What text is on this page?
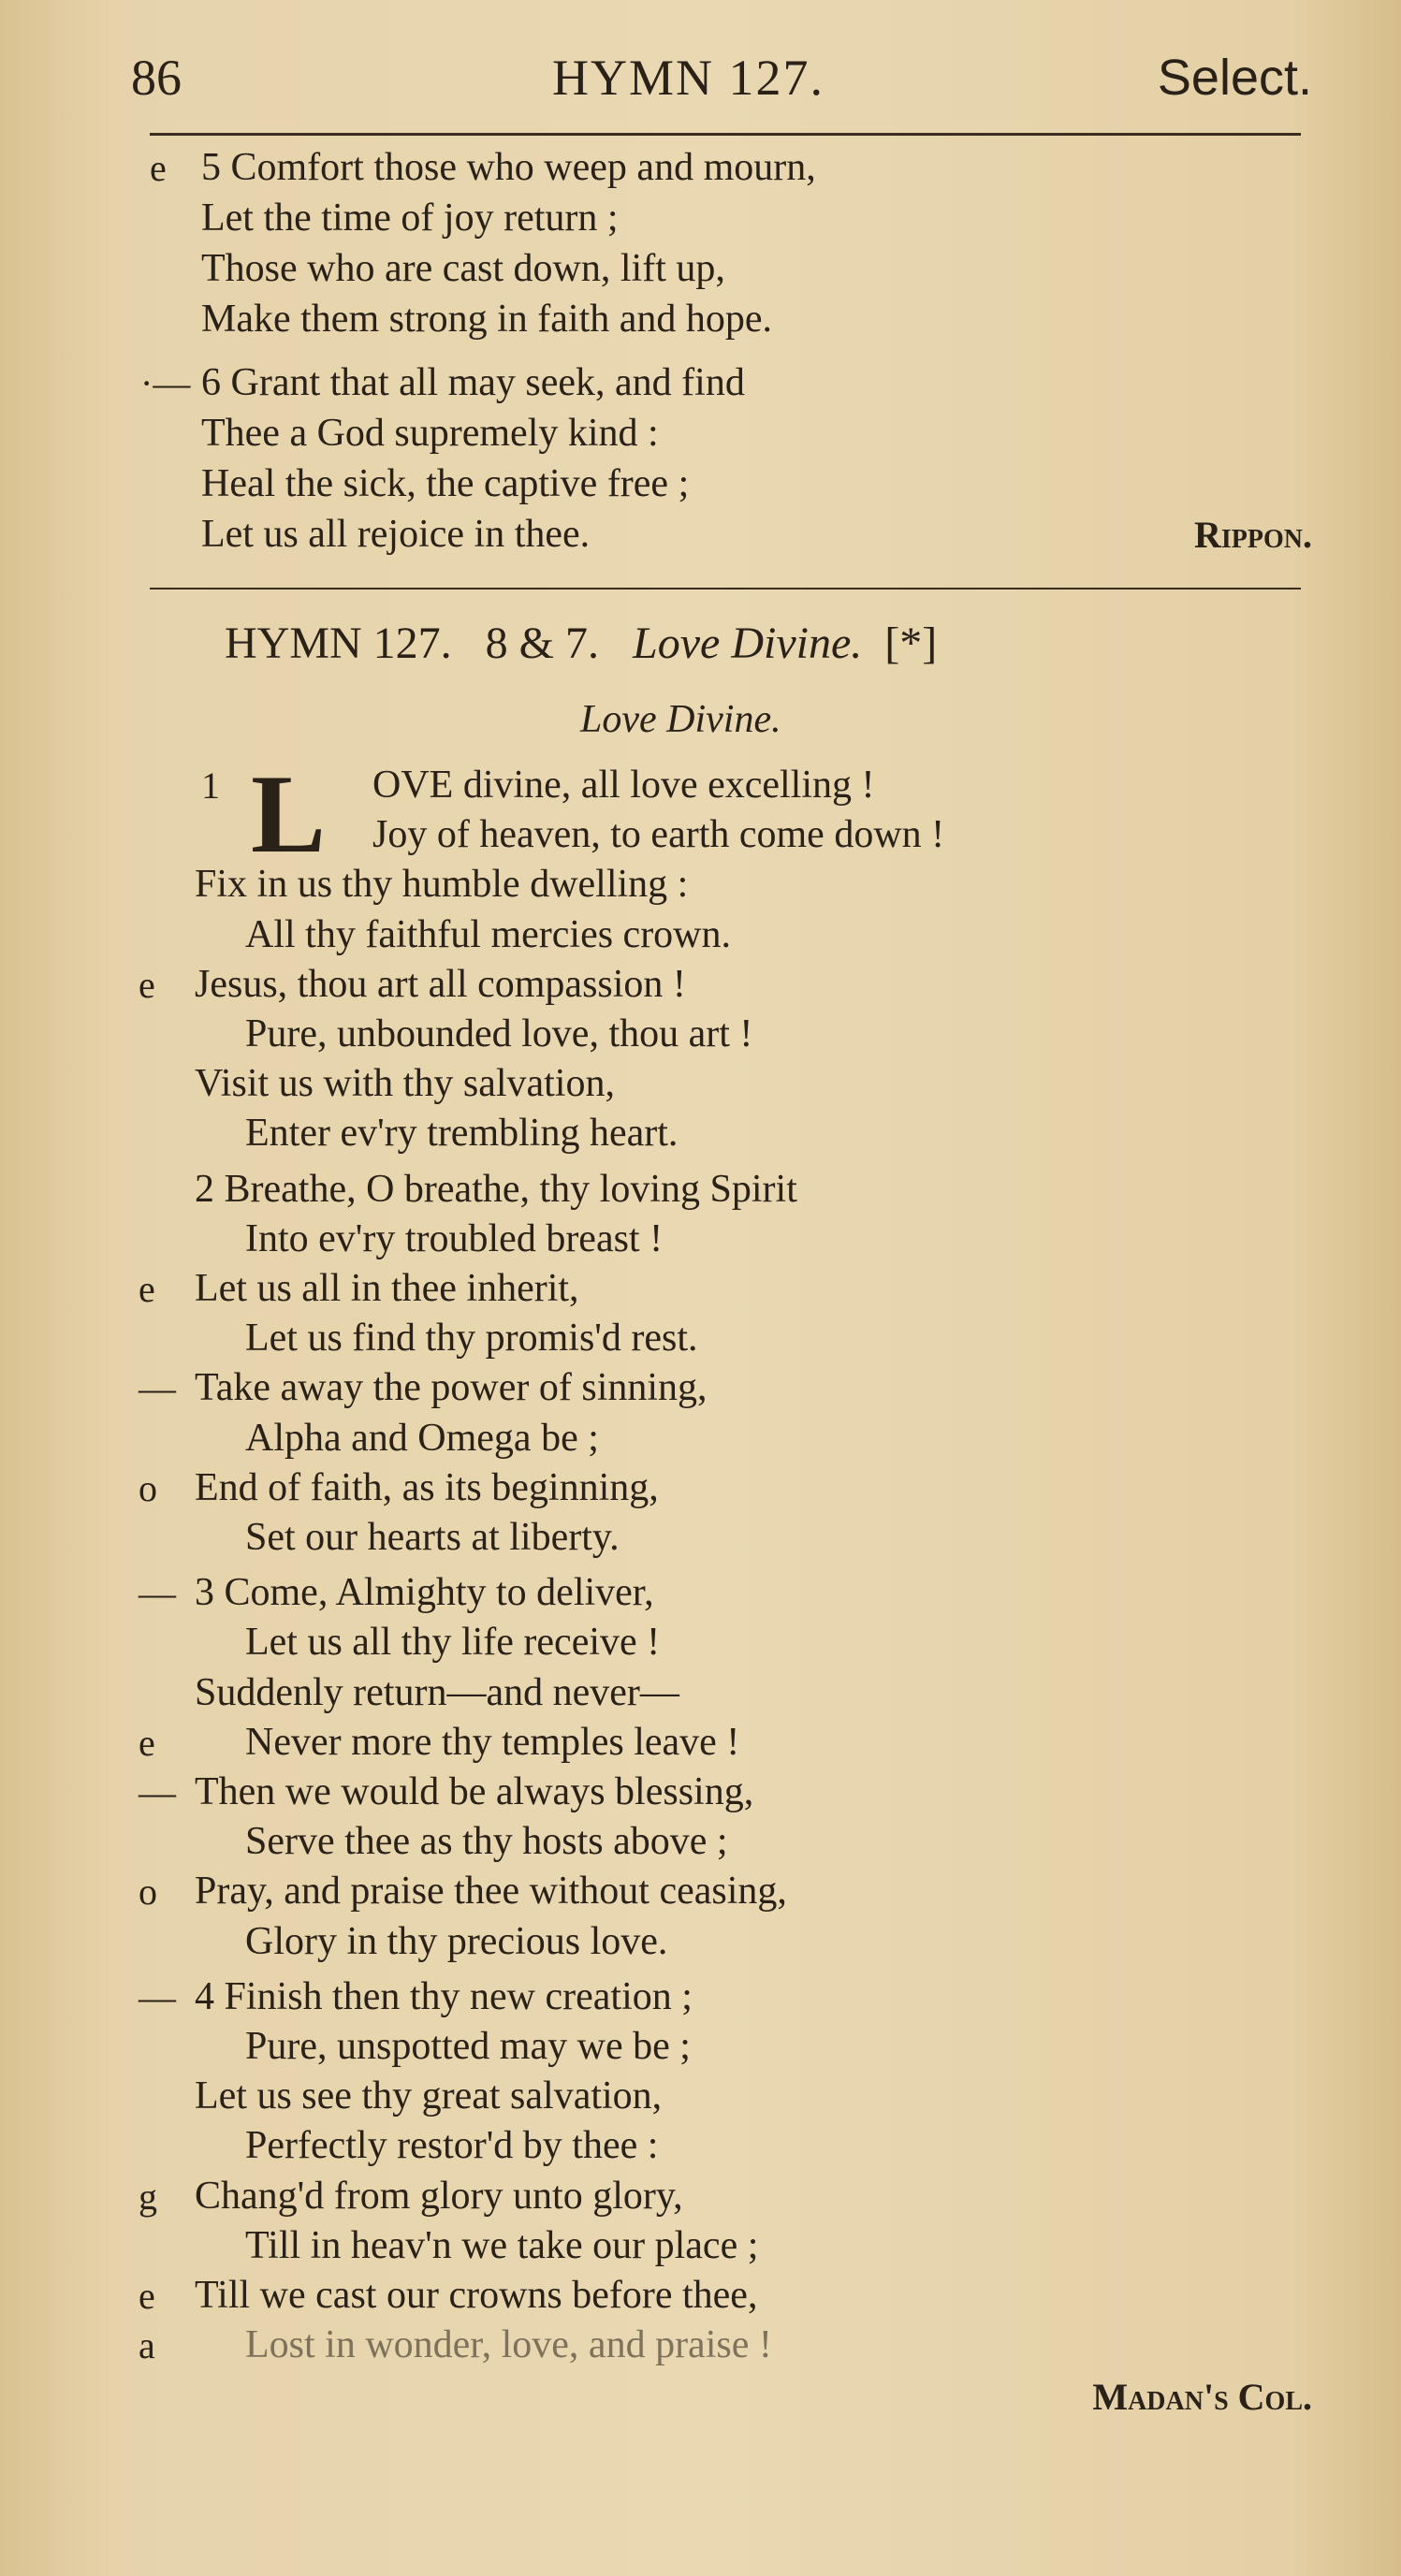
86	HYMN 127.	Select.
e 5 Comfort those who weep and mourn,
Let the time of joy return ;
Those who are cast down, lift up,
Make them strong in faith and hope.
·— 6 Grant that all may seek, and find
Thee a God supremely kind :
Heal the sick, the captive free ;
Let us all rejoice in thee.	Rippon.
HYMN 127. 8 & 7. Love Divine. [*]
Love Divine.
L
1	OVE divine, all love excelling !
Joy of heaven, to earth come down !
Fix in us thy humble dwelling :
All thy faithful mercies crown.
e Jesus, thou art all compassion !
Pure, unbounded love, thou art !
Visit us with thy salvation,
Enter ev'ry trembling heart.
2 Breathe, O breathe, thy loving Spirit
Into ev'ry troubled breast !
e Let us all in thee inherit,
Let us find thy promis'd rest.
— Take away the power of sinning,
Alpha and Omega be ;
o End of faith, as its beginning,
Set our hearts at liberty.
— 3 Come, Almighty to deliver,
Let us all thy life receive !
Suddenly return—and never—
e Never more thy temples leave !
— Then we would be always blessing,
Serve thee as thy hosts above ;
o Pray, and praise thee without ceasing,
Glory in thy precious love.
— 4 Finish then thy new creation ;
Pure, unspotted may we be ;
Let us see thy great salvation,
Perfectly restor'd by thee :
g Chang'd from glory unto glory,
Till in heav'n we take our place ;
e Till we cast our crowns before thee,
a Lost in wonder, love, and praise !
Madan's Col.
